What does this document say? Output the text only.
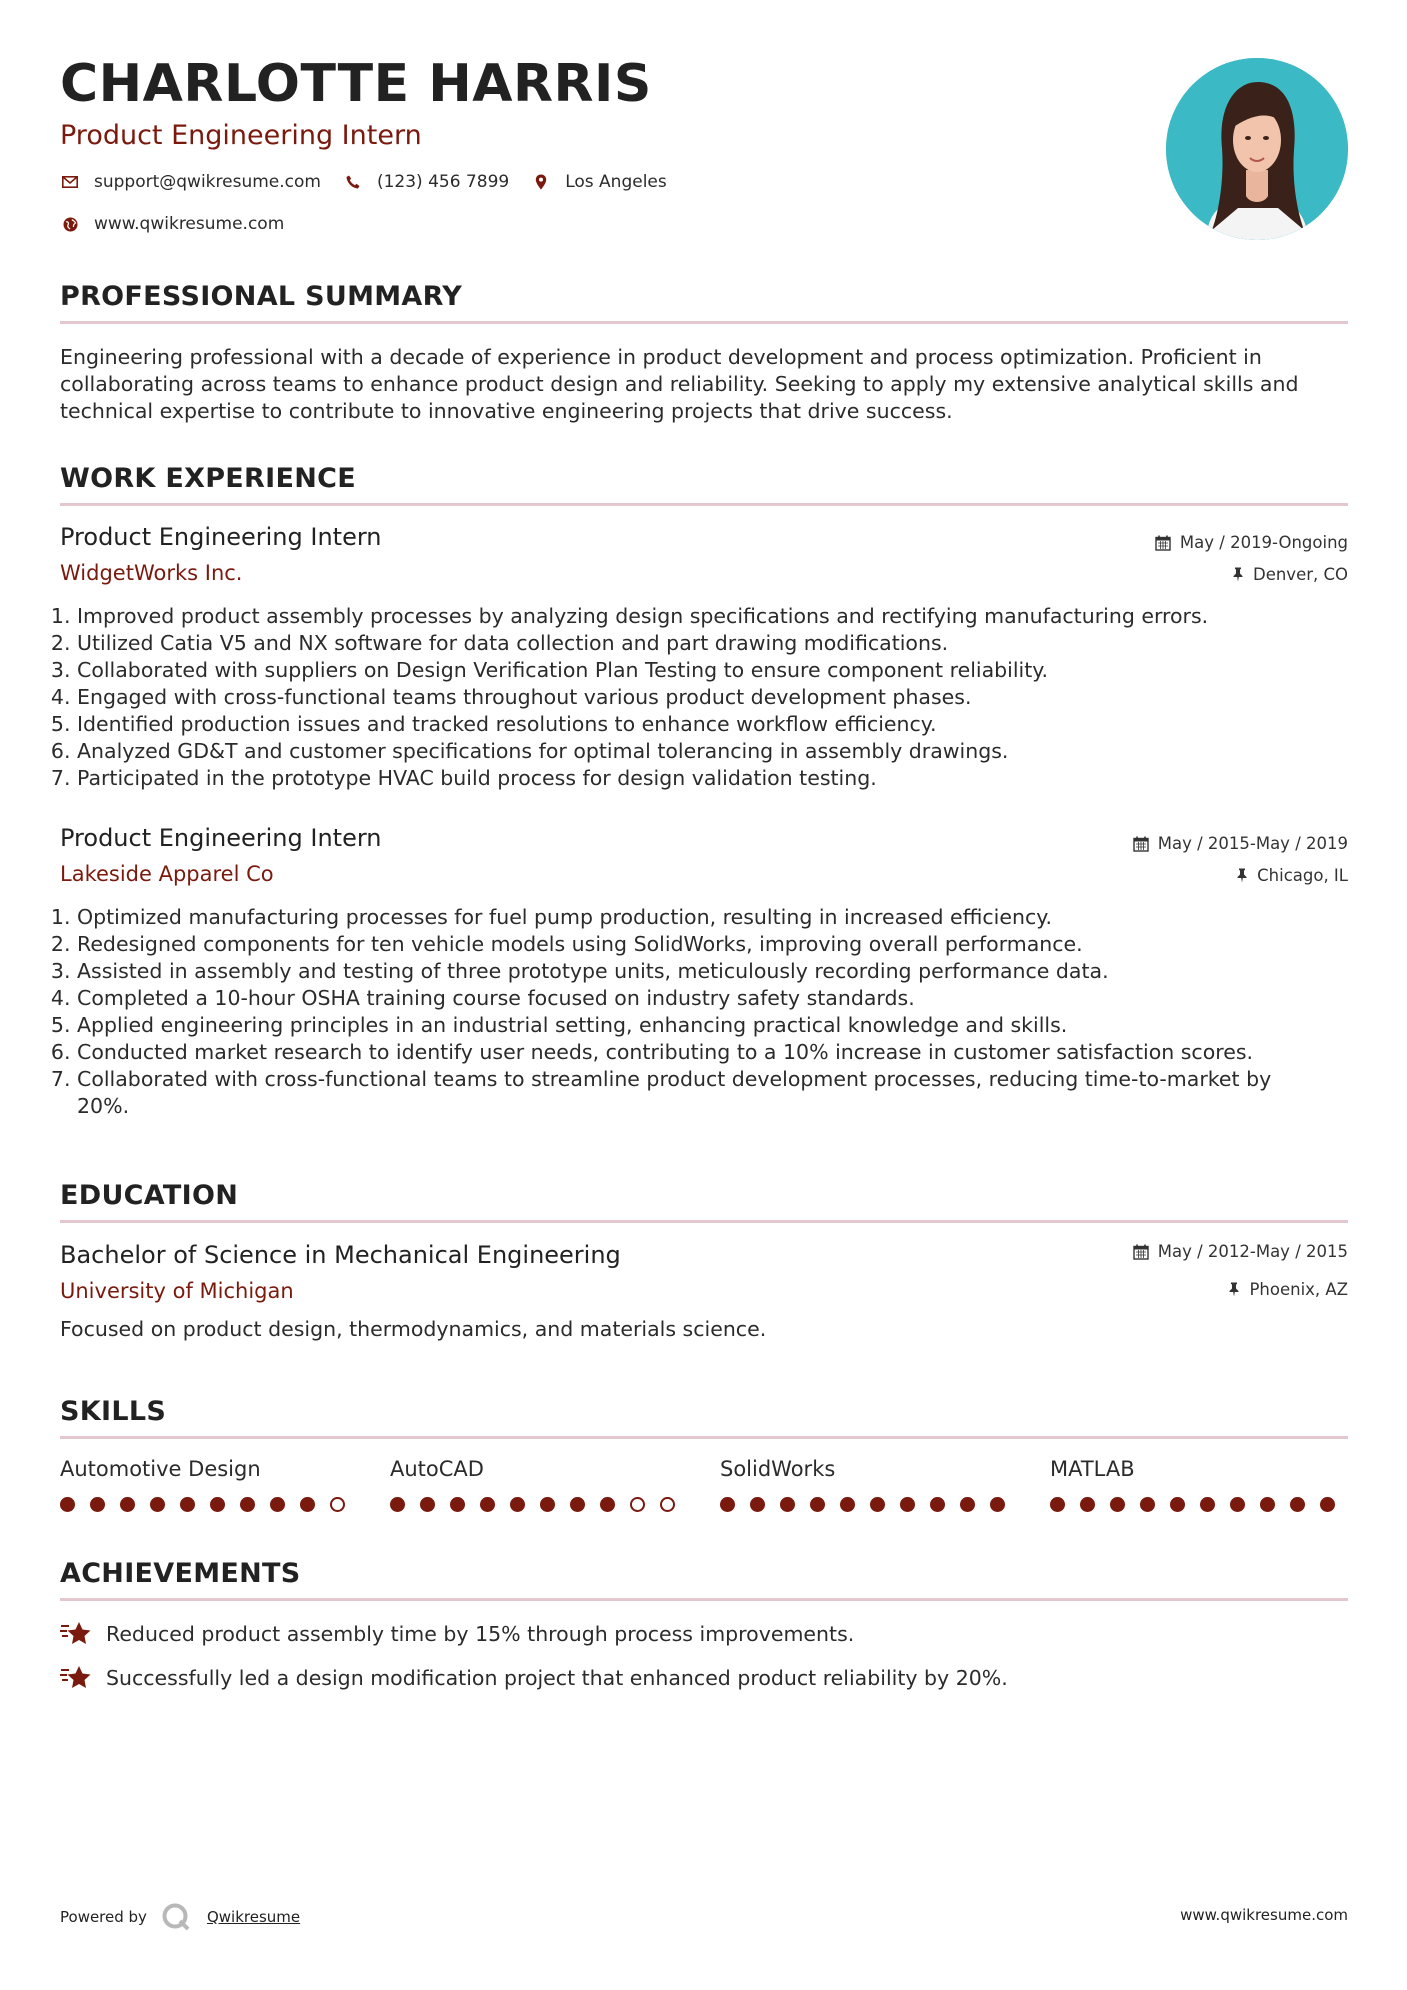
CHARLOTTE HARRIS
Product Engineering Intern
support@qwikresume.com	(123) 456 7899	Los Angeles
www.qwikresume.com
PROFESSIONAL SUMMARY

Engineering professional with a decade of experience in product development and process optimization. Proficient in collaborating across teams to enhance product design and reliability. Seeking to apply my extensive analytical skills and technical expertise to contribute to innovative engineering projects that drive success.

WORK EXPERIENCE
Product Engineering Intern
WidgetWorks Inc.
May / 2019-Ongoing
Denver, CO
1. Improved product assembly processes by analyzing design specifications and rectifying manufacturing errors.
2. Utilized Catia V5 and NX software for data collection and part drawing modifications.
3. Collaborated with suppliers on Design Verification Plan Testing to ensure component reliability.
4. Engaged with cross-functional teams throughout various product development phases.
5. Identified production issues and tracked resolutions to enhance workflow efficiency.
6. Analyzed GD&T and customer specifications for optimal tolerancing in assembly drawings.
7. Participated in the prototype HVAC build process for design validation testing.
Product Engineering Intern
Lakeside Apparel Co
May / 2015-May / 2019
Chicago, IL
1. Optimized manufacturing processes for fuel pump production, resulting in increased efficiency.
2. Redesigned components for ten vehicle models using SolidWorks, improving overall performance.
3. Assisted in assembly and testing of three prototype units, meticulously recording performance data.
4. Completed a 10-hour OSHA training course focused on industry safety standards.
5. Applied engineering principles in an industrial setting, enhancing practical knowledge and skills.
6. Conducted market research to identify user needs, contributing to a 10% increase in customer satisfaction scores.
7. Collaborated with cross-functional teams to streamline product development processes, reducing time-to-market by 20%.
EDUCATION
Bachelor of Science in Mechanical Engineering
University of Michigan
May / 2012-May / 2015
Phoenix, AZ

Focused on product design, thermodynamics, and materials science.

SKILLS
Automotive Design	AutoCAD	SolidWorks	MATLAB
ACHIEVEMENTS
Reduced product assembly time by 15% through process improvements.
Successfully led a design modification project that enhanced product reliability by 20%.
Powered by	Qwikresume	www.qwikresume.com
